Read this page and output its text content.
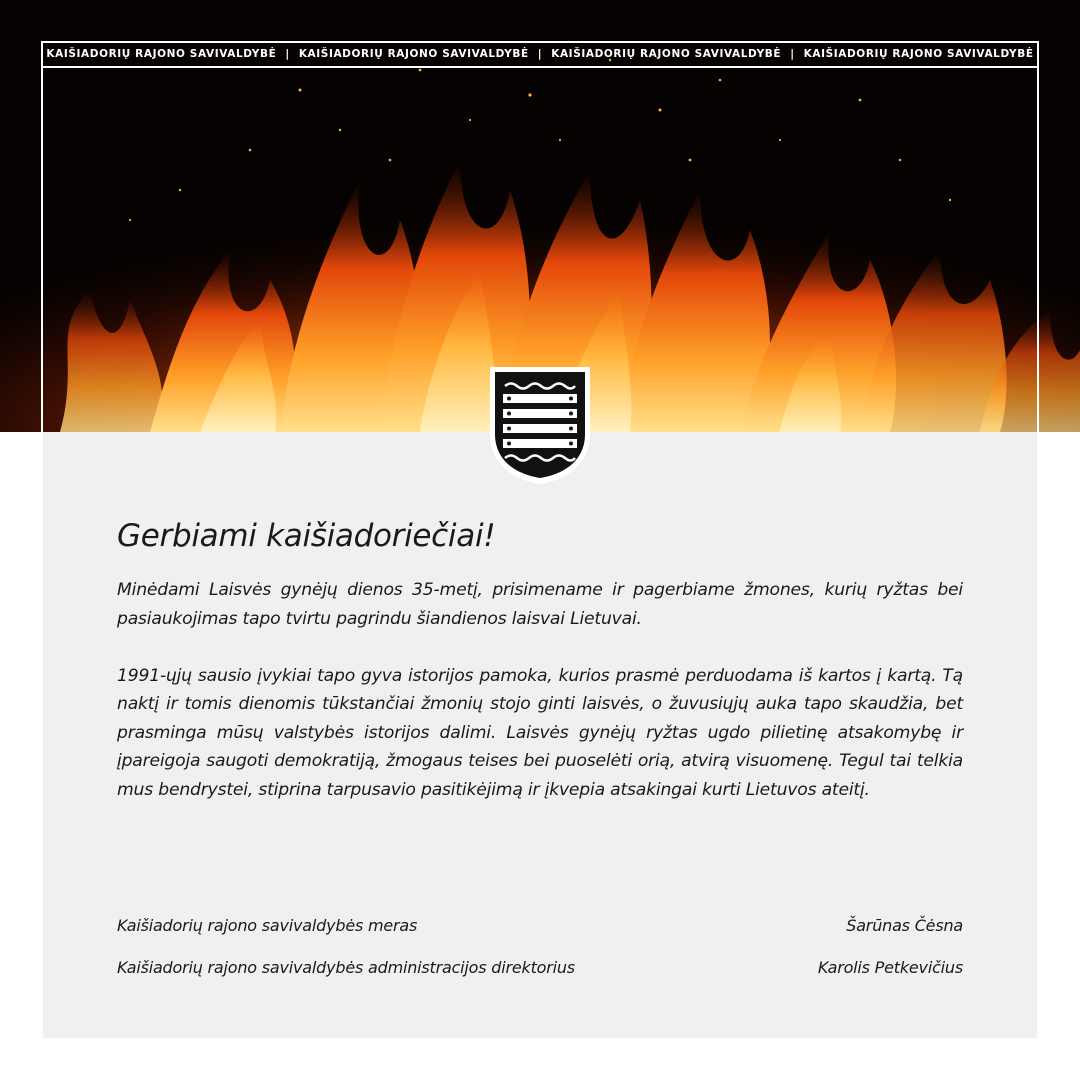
KAIŠIADORIŲ RAJONO SAVIVALDYBĖ | KAIŠIADORIŲ RAJONO SAVIVALDYBĖ | KAIŠIADORIŲ RAJONO SAVIVALDYBĖ | KAIŠIADORIŲ RAJONO SAVIVALDYBĖ
Gerbiami kaišiadoriečiai!

Minėdami Laisvės gynėjų dienos 35-metį, prisimename ir pagerbiame žmones, kurių ryžtas bei pasiaukojimas tapo tvirtu pagrindu šiandienos laisvai Lietuvai.

1991-ųjų sausio įvykiai tapo gyva istorijos pamoka, kurios prasmė perduodama iš kartos į kartą. Tą naktį ir tomis dienomis tūkstančiai žmonių stojo ginti laisvės, o žuvusiųjų auka tapo skaudžia, bet prasminga mūsų valstybės istorijos dalimi. Laisvės gynėjų ryžtas ugdo pilietinę atsakomybę ir įpareigoja saugoti demokratiją, žmogaus teises bei puoselėti orią, atvirą visuomenę. Tegul tai telkia mus bendrystei, stiprina tarpusavio pasitikėjimą ir įkvepia atsakingai kurti Lietuvos ateitį.

Kaišiadorių rajono savivaldybės meras	Šarūnas Čėsna
Kaišiadorių rajono savivaldybės administracijos direktorius	Karolis Petkevičius
